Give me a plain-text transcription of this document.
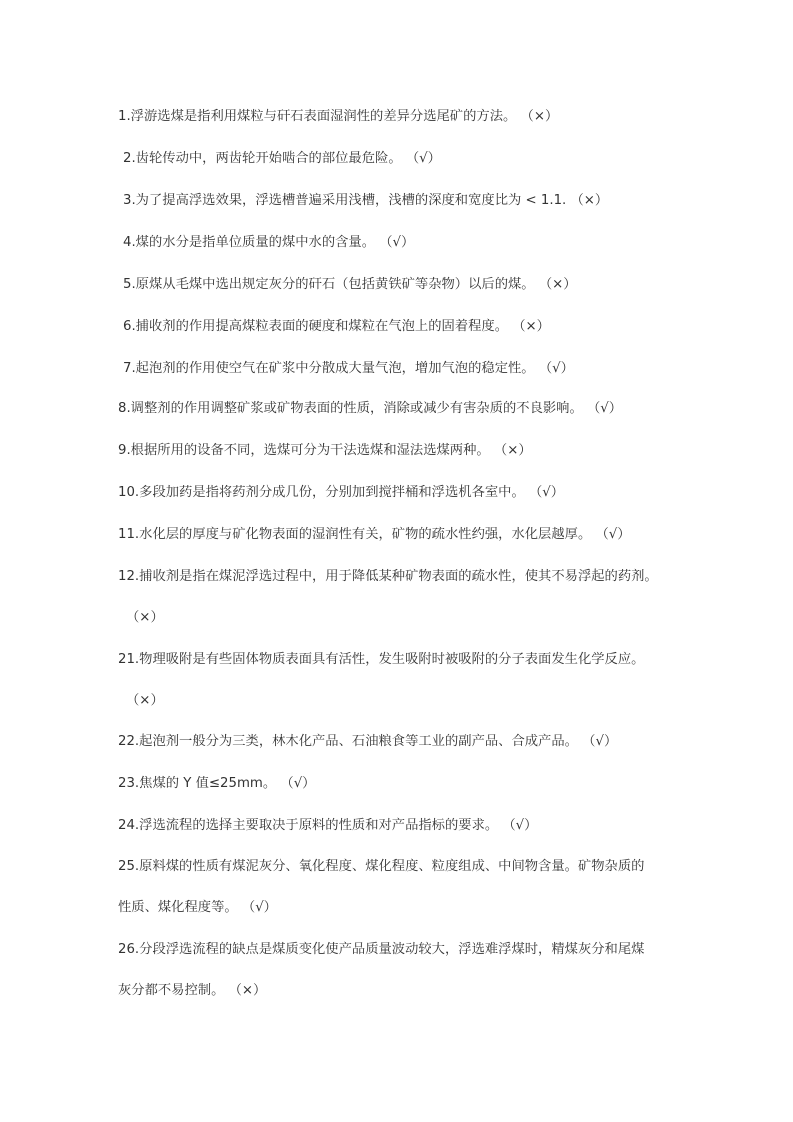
1.浮游选煤是指利用煤粒与矸石表面湿润性的差异分选尾矿的方法。 （×）
2.齿轮传动中，两齿轮开始啮合的部位最危险。 （√）
3.为了提高浮选效果，浮选槽普遍采用浅槽，浅槽的深度和宽度比为 < 1.1. （×）
4.煤的水分是指单位质量的煤中水的含量。 （√）
5.原煤从毛煤中选出规定灰分的矸石（包括黄铁矿等杂物）以后的煤。 （×）
6.捕收剂的作用提高煤粒表面的硬度和煤粒在气泡上的固着程度。 （×）
7.起泡剂的作用使空气在矿浆中分散成大量气泡，增加气泡的稳定性。 （√）
8.调整剂的作用调整矿浆或矿物表面的性质，消除或减少有害杂质的不良影响。 （√）
9.根据所用的设备不同，选煤可分为干法选煤和湿法选煤两种。 （×）
10.多段加药是指将药剂分成几份，分别加到搅拌桶和浮选机各室中。 （√）
11.水化层的厚度与矿化物表面的湿润性有关，矿物的疏水性约强，水化层越厚。 （√）
12.捕收剂是指在煤泥浮选过程中，用于降低某种矿物表面的疏水性，使其不易浮起的药剂。
（×）
21.物理吸附是有些固体物质表面具有活性，发生吸附时被吸附的分子表面发生化学反应。
（×）
22.起泡剂一般分为三类，林木化产品、石油粮食等工业的副产品、合成产品。 （√）
23.焦煤的 Y 值≤25mm。 （√）
24.浮选流程的选择主要取决于原料的性质和对产品指标的要求。 （√）
25.原料煤的性质有煤泥灰分、氧化程度、煤化程度、粒度组成、中间物含量。矿物杂质的
性质、煤化程度等。 （√）
26.分段浮选流程的缺点是煤质变化使产品质量波动较大，浮选难浮煤时，精煤灰分和尾煤
灰分都不易控制。 （×）
